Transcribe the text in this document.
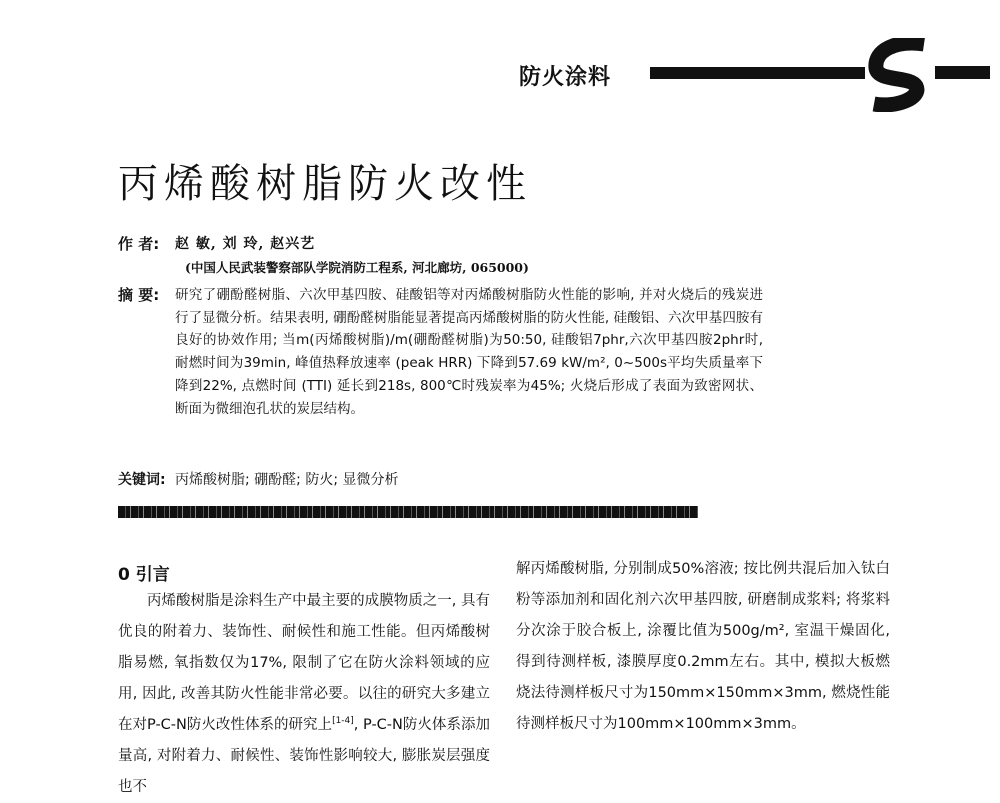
防火涂料
丙烯酸树脂防火改性
作 者: 赵 敏, 刘 玲, 赵兴艺
(中国人民武装警察部队学院消防工程系, 河北廊坊, 065000)
摘 要: 研究了硼酚醛树脂、六次甲基四胺、硅酸铝等对丙烯酸树脂防火性能的影响, 并对火烧后的残炭进行了显微分析。结果表明, 硼酚醛树脂能显著提高丙烯酸树脂的防火性能, 硅酸铝、六次甲基四胺有良好的协效作用; 当m(丙烯酸树脂)/m(硼酚醛树脂)为50:50, 硅酸铝7phr,六次甲基四胺2phr时, 耐燃时间为39min, 峰值热释放速率 (peak HRR) 下降到57.69 kW/m², 0~500s平均失质量率下降到22%, 点燃时间 (TTI) 延长到218s, 800℃时残炭率为45%; 火烧后形成了表面为致密网状、断面为微细泡孔状的炭层结构。
关键词: 丙烯酸树脂; 硼酚醛; 防火; 显微分析
0 引言
丙烯酸树脂是涂料生产中最主要的成膜物质之一, 具有优良的附着力、装饰性、耐候性和施工性能。但丙烯酸树脂易燃, 氧指数仅为17%, 限制了它在防火涂料领域的应用, 因此, 改善其防火性能非常必要。以往的研究大多建立在对P-C-N防火改性体系的研究上[1-4], P-C-N防火体系添加量高, 对附着力、耐候性、装饰性影响较大, 膨胀炭层强度也不
解丙烯酸树脂, 分别制成50%溶液; 按比例共混后加入钛白粉等添加剂和固化剂六次甲基四胺, 研磨制成浆料; 将浆料分次涂于胶合板上, 涂覆比值为500g/m², 室温干燥固化, 得到待测样板, 漆膜厚度0.2mm左右。其中, 模拟大板燃烧法待测样板尺寸为150mm×150mm×3mm, 燃烧性能待测样板尺寸为100mm×100mm×3mm。
